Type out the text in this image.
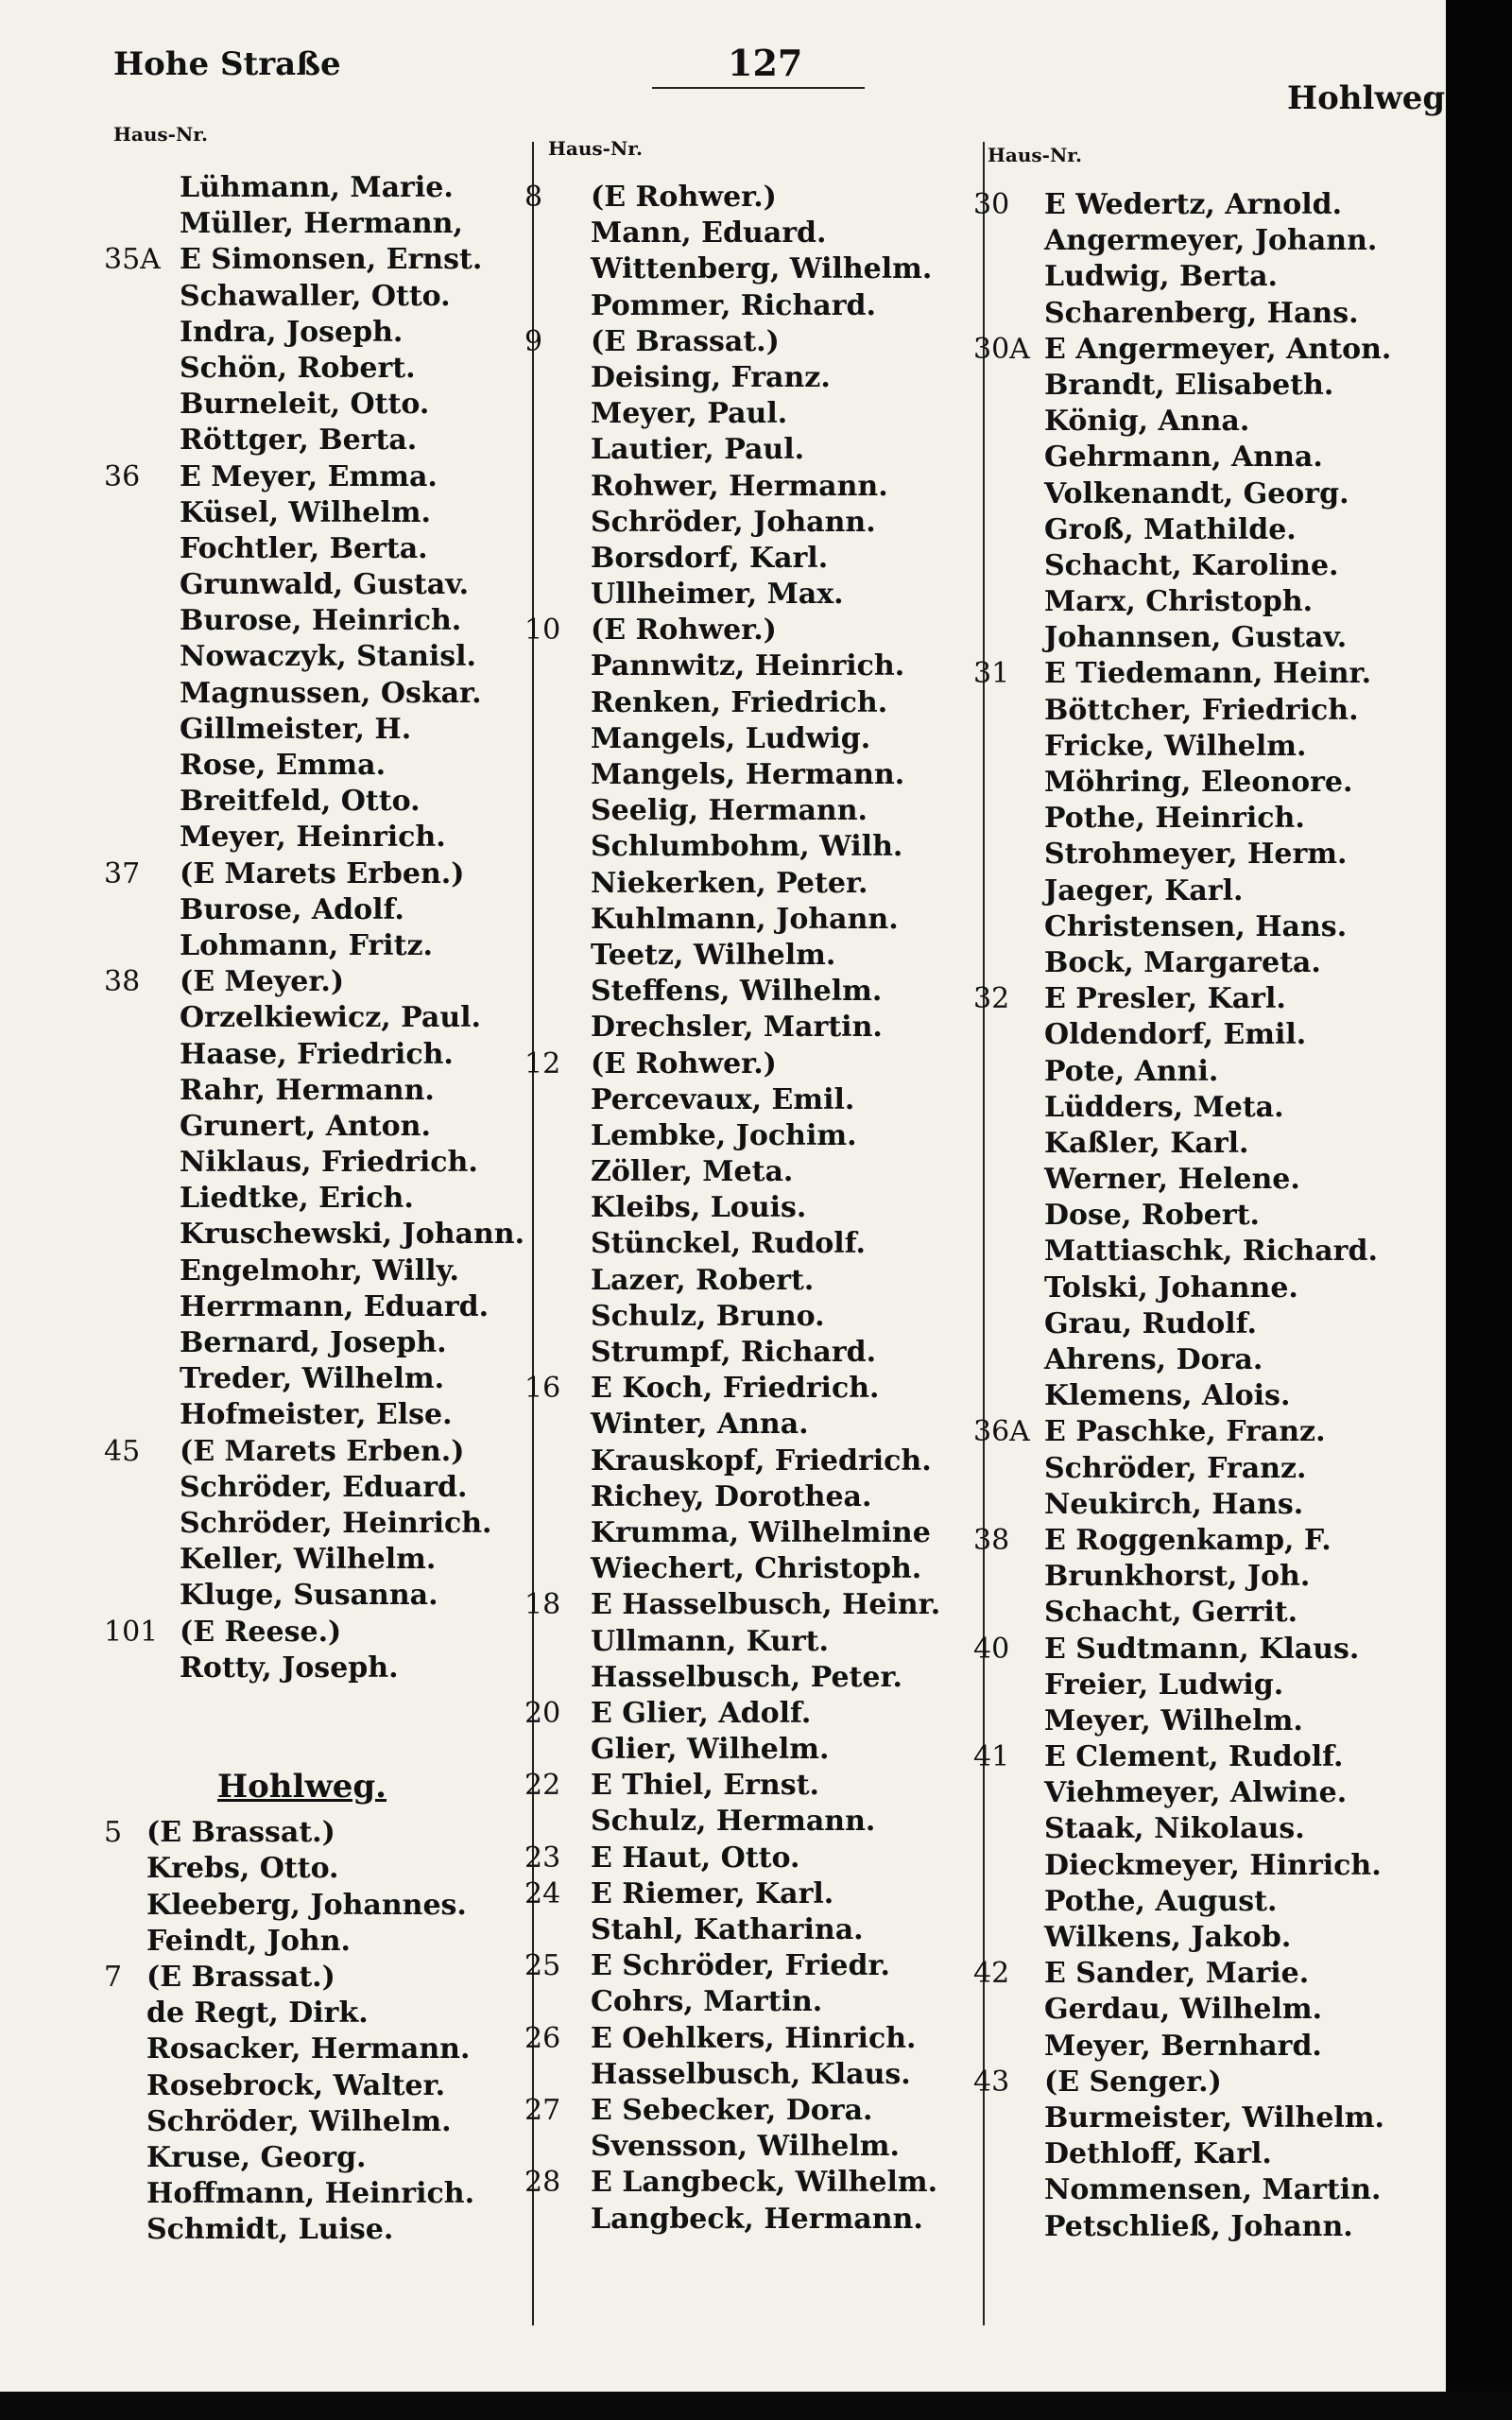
Hohe Straße	127
Hohlweg
Haus-Nr.
Haus-Nr.	Haus-Nr.
Lühmann, Marie.
Müller, Hermann,
35A E Simonsen, Ernst.
Schawaller, Otto.
Indra, Joseph.
Schön, Robert.
Burneleit, Otto.
Röttger, Berta.
36	E Meyer, Emma.
Küsel, Wilhelm.
Fochtler, Berta.
Grunwald, Gustav.
Burose, Heinrich.
Nowaczyk, Stanisl.
Magnussen, Oskar.
Gillmeister, H.
Rose, Emma.
Breitfeld, Otto.
Meyer, Heinrich.
37	(E Marets Erben.)
Burose, Adolf.
Lohmann, Fritz.
38	(E Meyer.)
Orzelkiewicz, Paul.
Haase, Friedrich.
Rahr, Hermann.
Grunert, Anton.
Niklaus, Friedrich.
Liedtke, Erich.
Kruschewski, Johann.
Engelmohr, Willy.
Herrmann, Eduard.
Bernard, Joseph.
Treder, Wilhelm.
Hofmeister, Else.
45	(E Marets Erben.)
Schröder, Eduard.
Schröder, Heinrich.
Keller, Wilhelm.
Kluge, Susanna.
101 (E Reese.)
Rotty, Joseph.
Hohlweg.
5 (E Brassat.)
Krebs, Otto.
Kleeberg, Johannes.
Feindt, John.
7 (E Brassat.)
de Regt, Dirk.
Rosacker, Hermann.
Rosebrock, Walter.
Schröder, Wilhelm.
Kruse, Georg.
Hoffmann, Heinrich.
Schmidt, Luise.
8	(E Rohwer.)
Mann, Eduard.
Wittenberg, Wilhelm.
Pommer, Richard.
9	(E Brassat.)
Deising, Franz.
Meyer, Paul.
Lautier, Paul.
Rohwer, Hermann.
Schröder, Johann.
Borsdorf, Karl.
Ullheimer, Max.
10	(E Rohwer.)
Pannwitz, Heinrich.
Renken, Friedrich.
Mangels, Ludwig.
Mangels, Hermann.
Seelig, Hermann.
Schlumbohm, Wilh.
Niekerken, Peter.
Kuhlmann, Johann.
Teetz, Wilhelm.
Steffens, Wilhelm.
Drechsler, Martin.
12	(E Rohwer.)
Percevaux, Emil.
Lembke, Jochim.
Zöller, Meta.
Kleibs, Louis.
Stünckel, Rudolf.
Lazer, Robert.
Schulz, Bruno.
Strumpf, Richard.
16	E Koch, Friedrich.
Winter, Anna.
Krauskopf, Friedrich.
Richey, Dorothea.
Krumma, Wilhelmine
Wiechert, Christoph.
18	E Hasselbusch, Heinr.
Ullmann, Kurt.
Hasselbusch, Peter.
20	E Glier, Adolf.
Glier, Wilhelm.
22	E Thiel, Ernst.
Schulz, Hermann.
23	E Haut, Otto.
24	E Riemer, Karl.
Stahl, Katharina.
25	E Schröder, Friedr.
Cohrs, Martin.
26	E Oehlkers, Hinrich.
Hasselbusch, Klaus.
27	E Sebecker, Dora.
Svensson, Wilhelm.
28	E Langbeck, Wilhelm.
Langbeck, Hermann.
30	E Wedertz, Arnold.
Angermeyer, Johann.
Ludwig, Berta.
Scharenberg, Hans.
30A E Angermeyer, Anton.
Brandt, Elisabeth.
König, Anna.
Gehrmann, Anna.
Volkenandt, Georg.
Groß, Mathilde.
Schacht, Karoline.
Marx, Christoph.
Johannsen, Gustav.
31	E Tiedemann, Heinr.
Böttcher, Friedrich.
Fricke, Wilhelm.
Möhring, Eleonore.
Pothe, Heinrich.
Strohmeyer, Herm.
Jaeger, Karl.
Christensen, Hans.
Bock, Margareta.
32	E Presler, Karl.
Oldendorf, Emil.
Pote, Anni.
Lüdders, Meta.
Kaßler, Karl.
Werner, Helene.
Dose, Robert.
Mattiaschk, Richard.
Tolski, Johanne.
Grau, Rudolf.
Ahrens, Dora.
Klemens, Alois.
36A E Paschke, Franz.
Schröder, Franz.
Neukirch, Hans.
38	E Roggenkamp, F.
Brunkhorst, Joh.
Schacht, Gerrit.
40	E Sudtmann, Klaus.
Freier, Ludwig.
Meyer, Wilhelm.
41	E Clement, Rudolf.
Viehmeyer, Alwine.
Staak, Nikolaus.
Dieckmeyer, Hinrich.
Pothe, August.
Wilkens, Jakob.
42	E Sander, Marie.
Gerdau, Wilhelm.
Meyer, Bernhard.
43	(E Senger.)
Burmeister, Wilhelm.
Dethloff, Karl.
Nommensen, Martin.
Petschließ, Johann.
